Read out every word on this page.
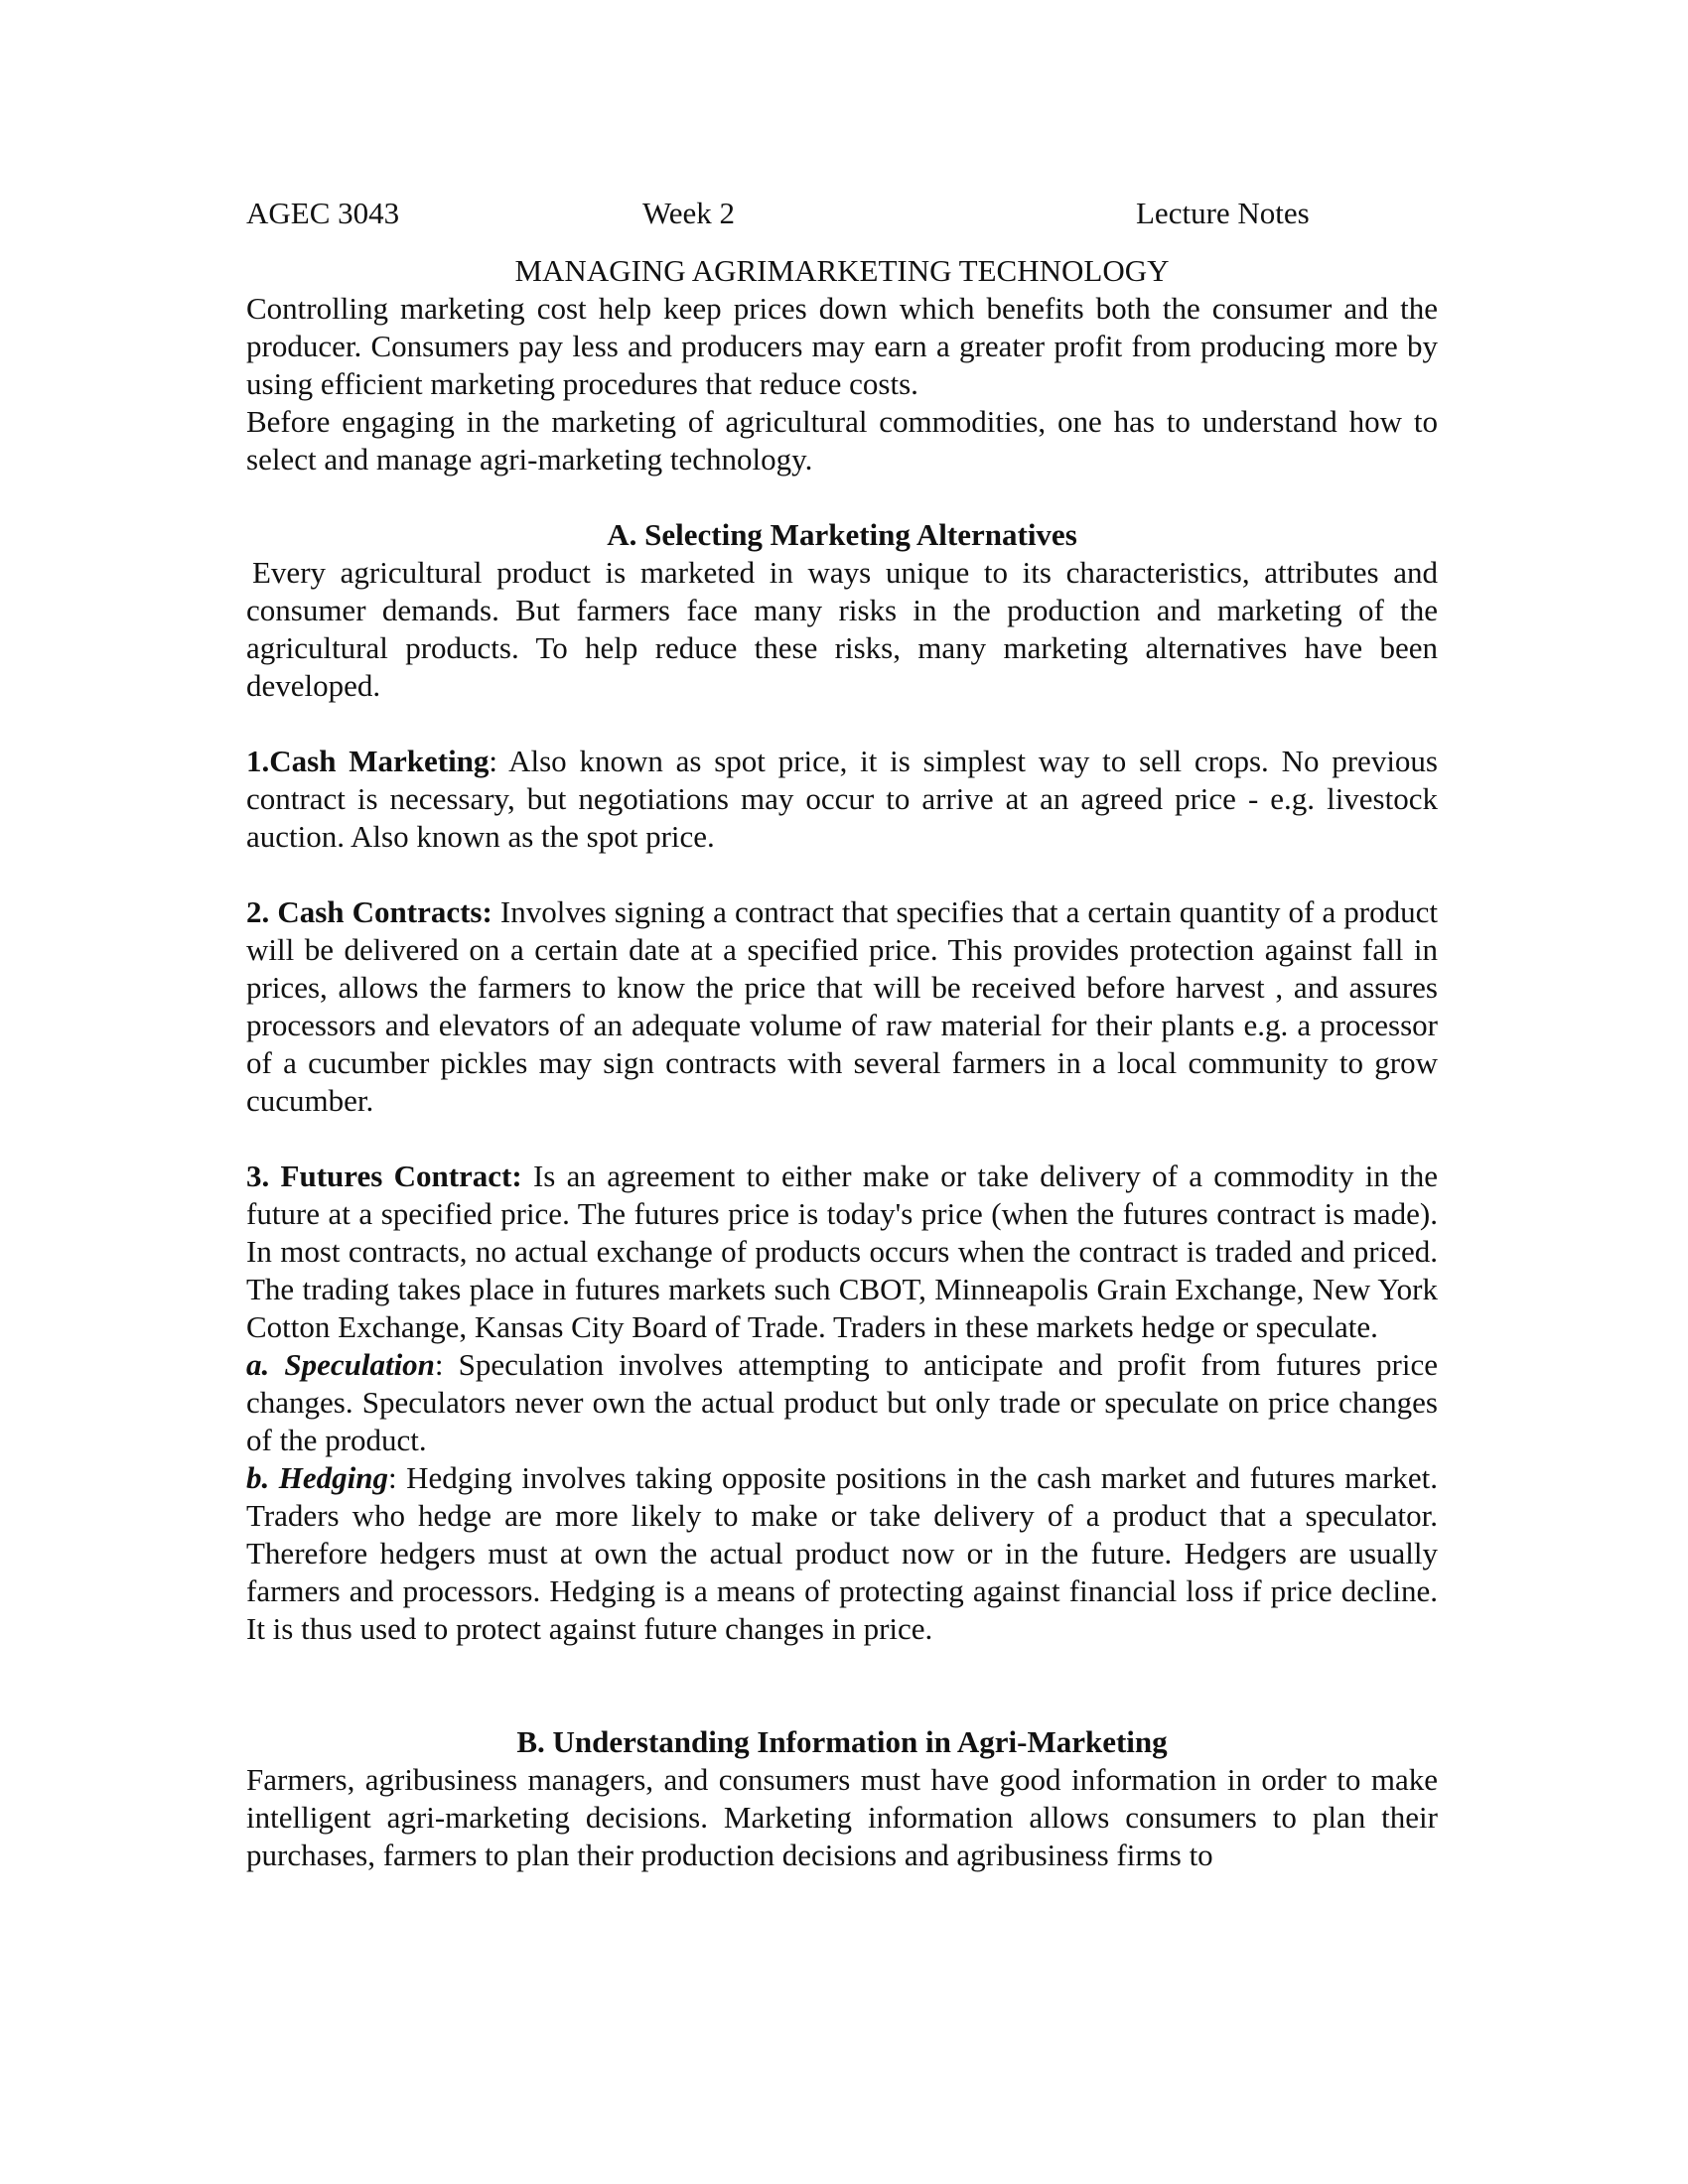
AGEC 3043	Week 2	Lecture Notes
MANAGING AGRIMARKETING TECHNOLOGY

Controlling marketing cost help keep prices down which benefits both the consumer and the producer. Consumers pay less and producers may earn a greater profit from producing more by using efficient marketing procedures that reduce costs.

Before engaging in the marketing of agricultural commodities, one has to understand how to select and manage agri-marketing technology.

A. Selecting Marketing Alternatives

Every agricultural product is marketed in ways unique to its characteristics, attributes and consumer demands. But farmers face many risks in the production and marketing of the agricultural products. To help reduce these risks, many marketing alternatives have been developed.

1.Cash Marketing: Also known as spot price, it is simplest way to sell crops. No previous contract is necessary, but negotiations may occur to arrive at an agreed price - e.g. livestock auction. Also known as the spot price.

2. Cash Contracts: Involves signing a contract that specifies that a certain quantity of a product will be delivered on a certain date at a specified price. This provides protection against fall in prices, allows the farmers to know the price that will be received before harvest , and assures processors and elevators of an adequate volume of raw material for their plants e.g. a processor of a cucumber pickles may sign contracts with several farmers in a local community to grow cucumber.

3. Futures Contract: Is an agreement to either make or take delivery of a commodity in the future at a specified price. The futures price is today's price (when the futures contract is made). In most contracts, no actual exchange of products occurs when the contract is traded and priced. The trading takes place in futures markets such CBOT, Minneapolis Grain Exchange, New York Cotton Exchange, Kansas City Board of Trade. Traders in these markets hedge or speculate.

a. Speculation: Speculation involves attempting to anticipate and profit from futures price changes. Speculators never own the actual product but only trade or speculate on price changes of the product.

b. Hedging: Hedging involves taking opposite positions in the cash market and futures market. Traders who hedge are more likely to make or take delivery of a product that a speculator. Therefore hedgers must at own the actual product now or in the future. Hedgers are usually farmers and processors. Hedging is a means of protecting against financial loss if price decline. It is thus used to protect against future changes in price.

B. Understanding Information in Agri-Marketing

Farmers, agribusiness managers, and consumers must have good information in order to make intelligent agri-marketing decisions. Marketing information allows consumers to plan their purchases, farmers to plan their production decisions and agribusiness firms to
